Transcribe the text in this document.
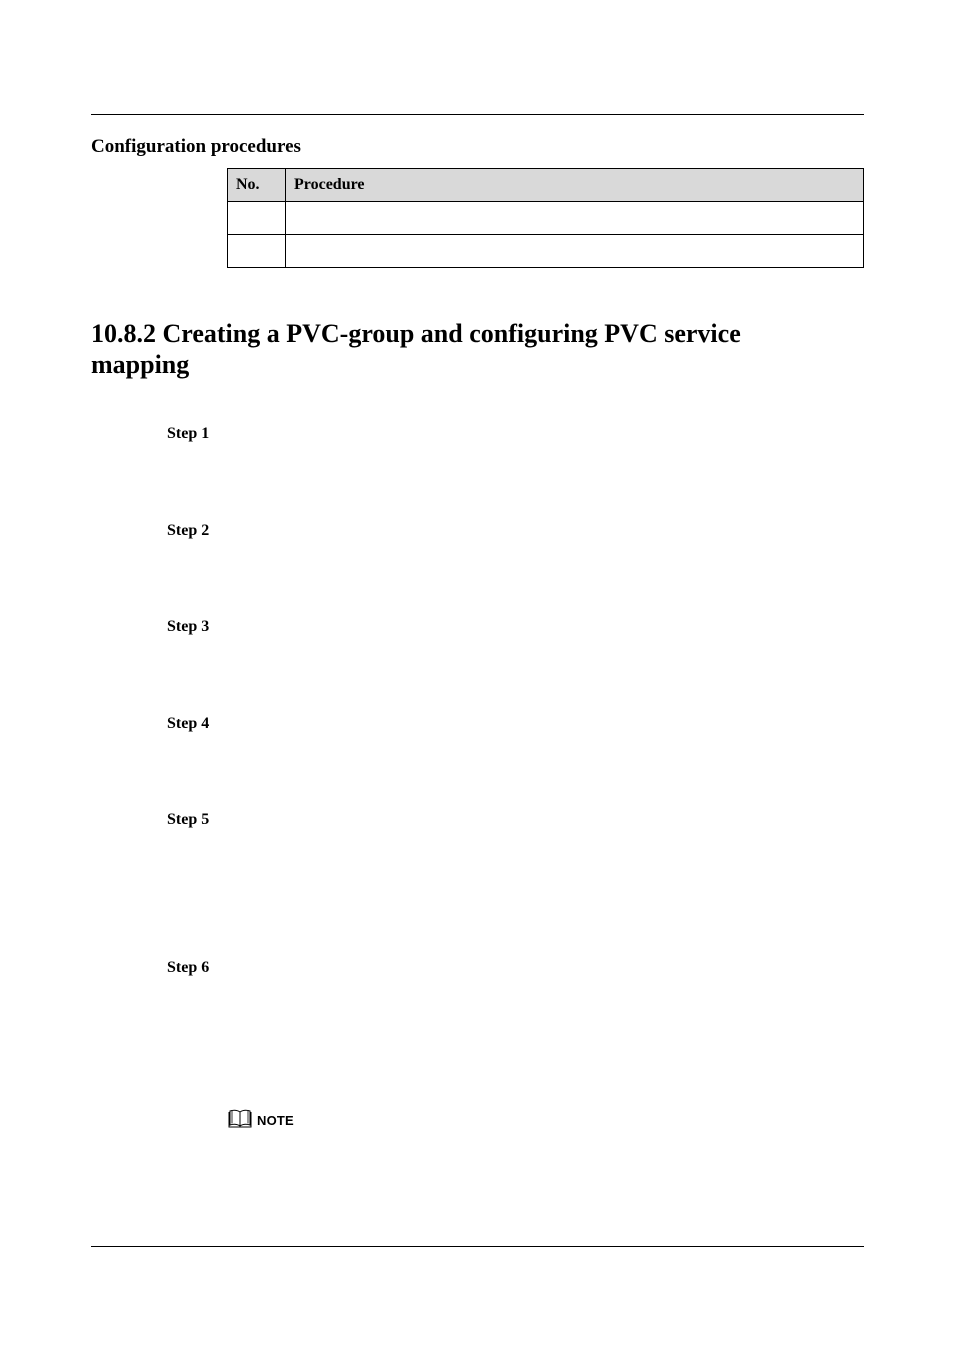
Configuration procedures
No.	Procedure

10.8.2 Creating a PVC-group and configuring PVC service mapping
Step 1
Step 2
Step 3
Step 4
Step 5
Step 6
NOTE
